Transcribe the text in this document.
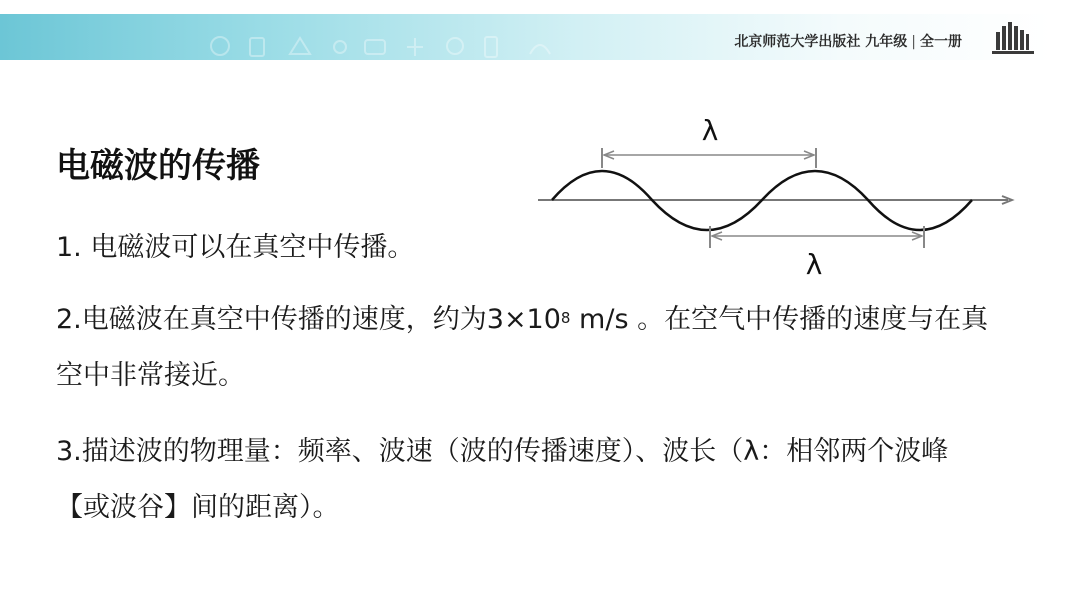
北京师范大学出版社 九年级 | 全一册
电磁波的传播
1. 电磁波可以在真空中传播。
2.电磁波在真空中传播的速度，约为$3\times 10^8$ m/s 。在空气中传播的速度与在真空中非常接近。
3.描述波的物理量：频率、波速（波的传播速度）、波长（λ：相邻两个波峰【或波谷】间的距离）。
λ
λ
